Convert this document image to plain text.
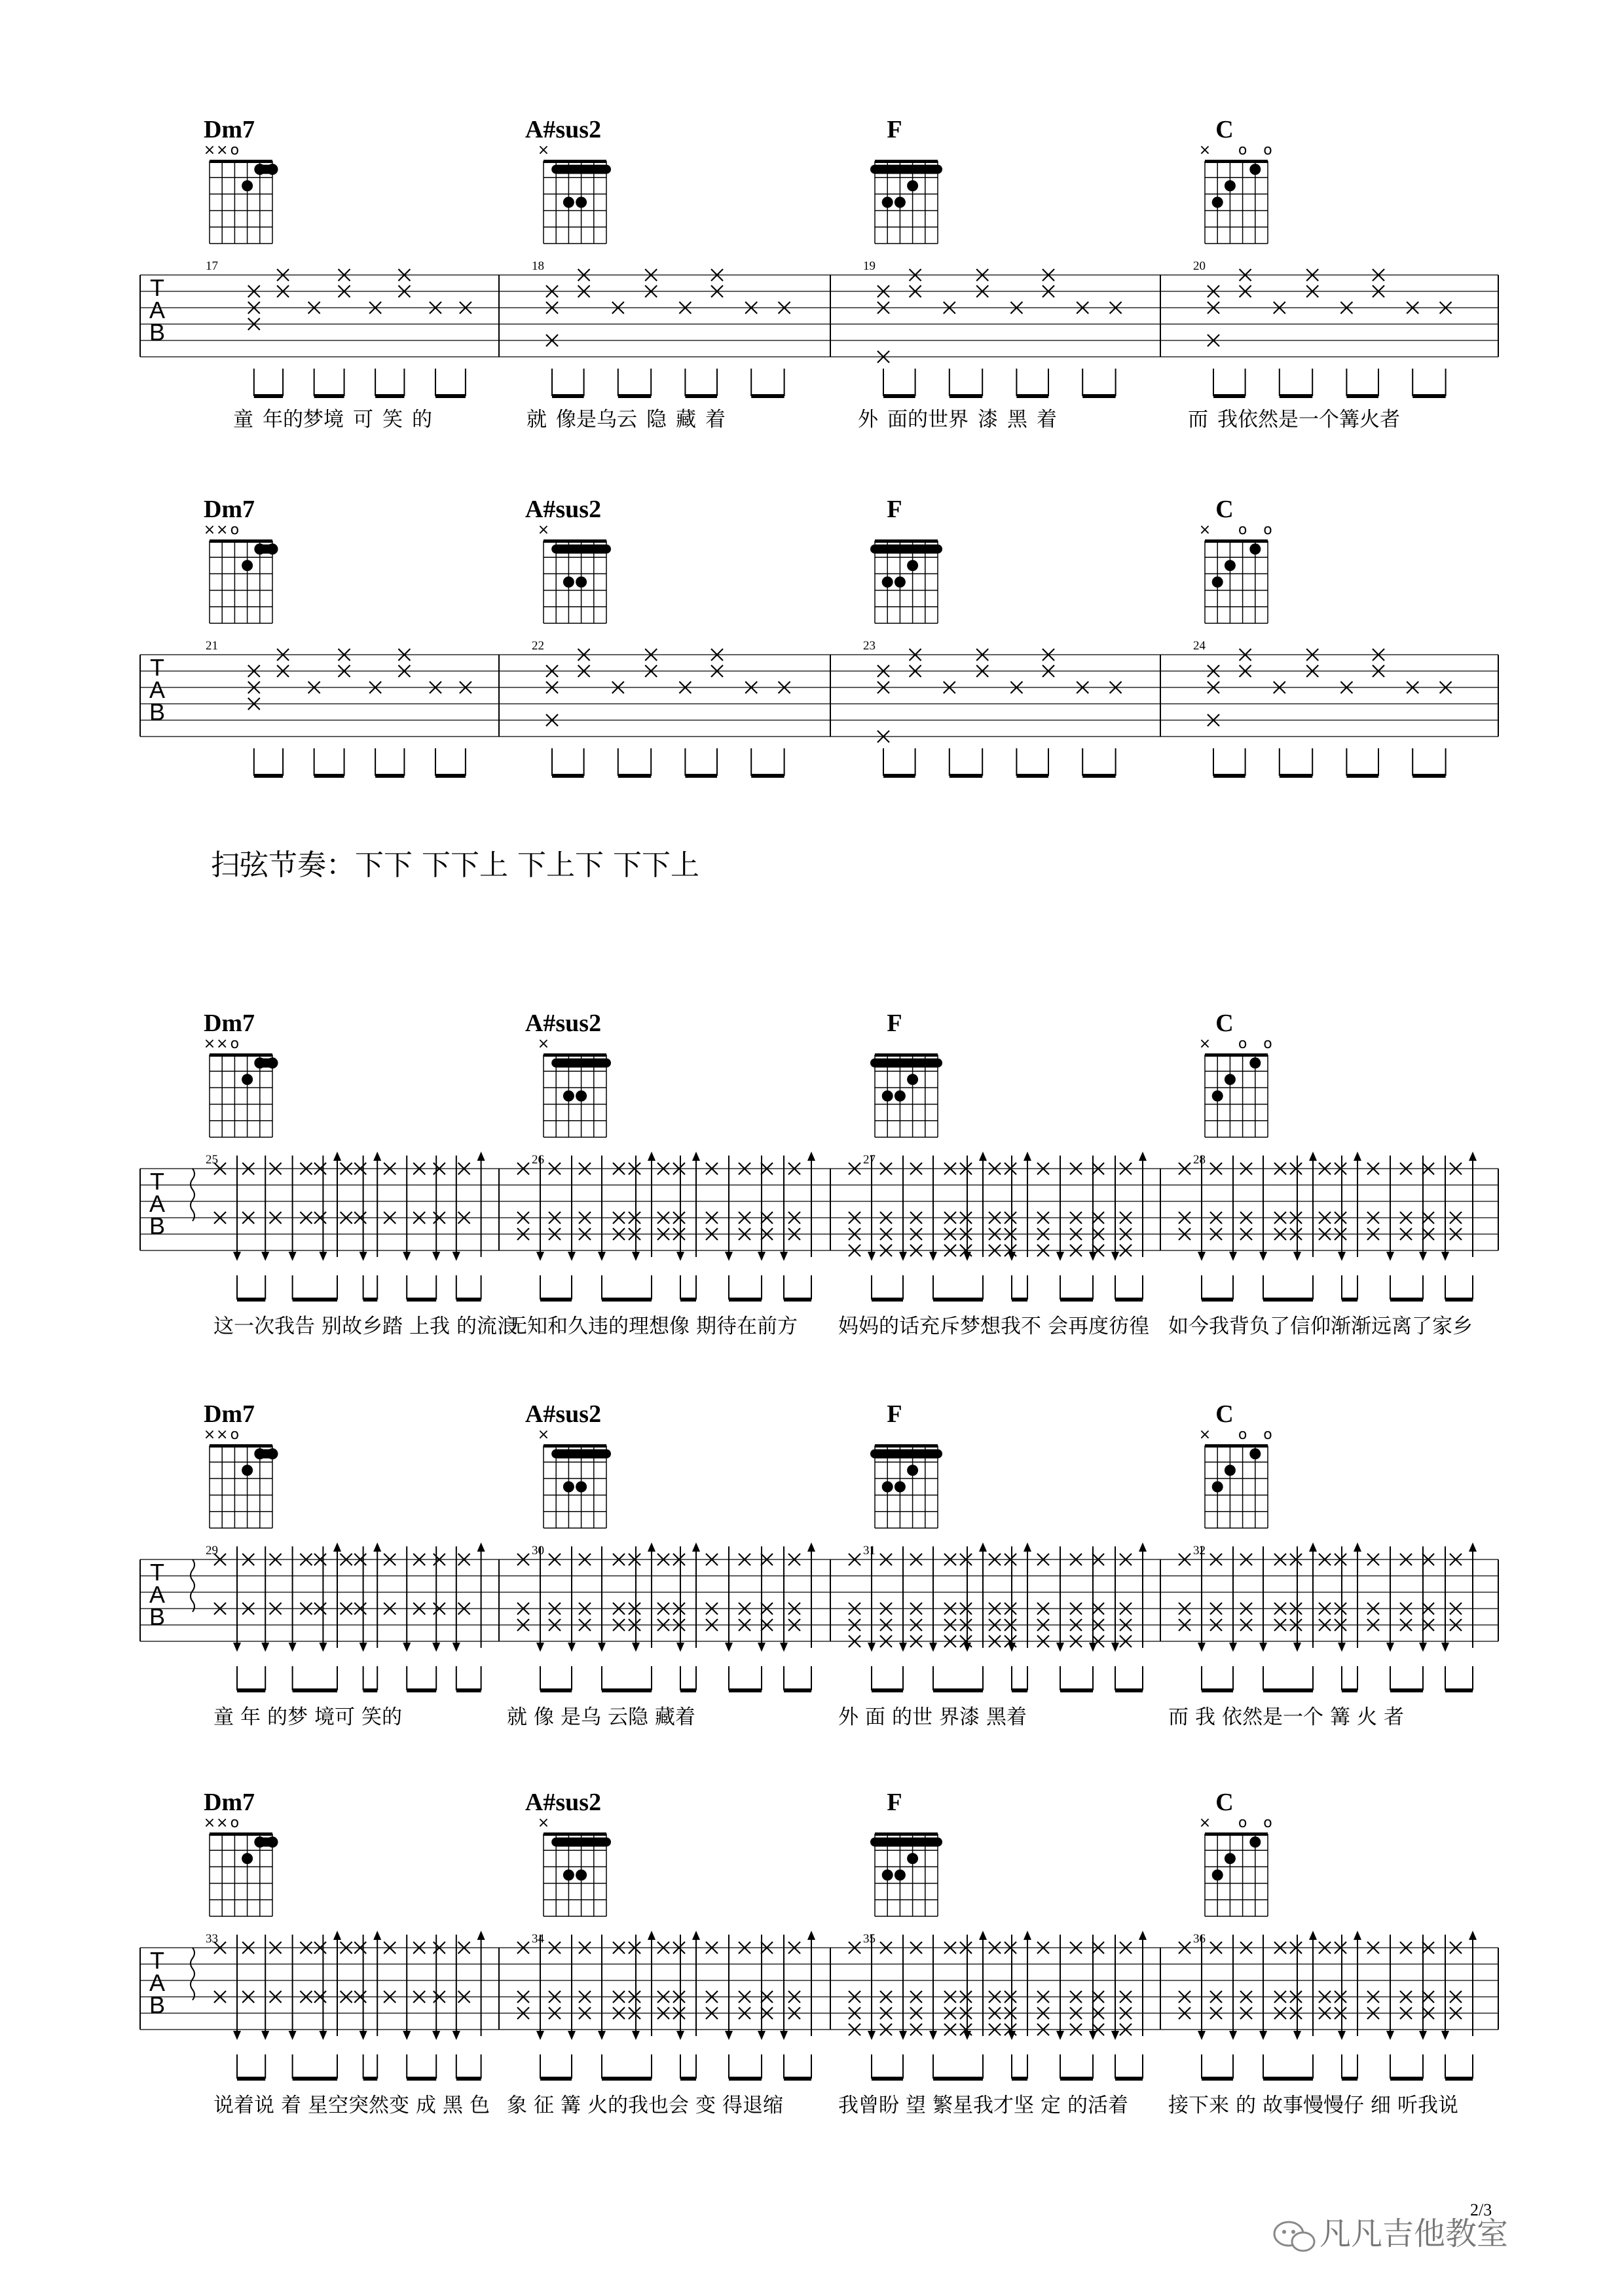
扫弦节奏：下下 下下上 下上下 下下上
2/3
凡凡吉他教室
T
A
B
Dm7
× × o
17
童 年的梦境 可 笑 的
A#sus2
×
18
就 像是乌云 隐 藏 着
F
19
外 面的世界 漆 黑 着
C
× o o
20
而 我依然是一个篝火者
T
A
B
Dm7
× × o
21
A#sus2
×
22
F
23
C
× o o
24
T
A
B
Dm7
× × o
25
这一次我告 别故乡踏 上我 的流浪
A#sus2
×
26
无知和久违的理想像 期待在前方
F
27
妈妈的话充斥梦想我不 会再度彷徨
C
× o o
28
如今我背负了信仰渐渐远离了家乡
T
A
B
Dm7
× × o
29
童 年 的梦 境可 笑的
A#sus2
×
30
就 像 是乌 云隐 藏着
F
31
外 面 的世 界漆 黑着
C
× o o
32
而 我 依然是一个 篝 火 者
T
A
B
Dm7
× × o
33
说着说 着 星空突然变 成 黑 色
A#sus2
×
34
象 征 篝 火的我也会 变 得退缩
F
35
我曾盼 望 繁星我才坚 定 的活着
C
× o o
36
接下来 的 故事慢慢仔 细 听我说
